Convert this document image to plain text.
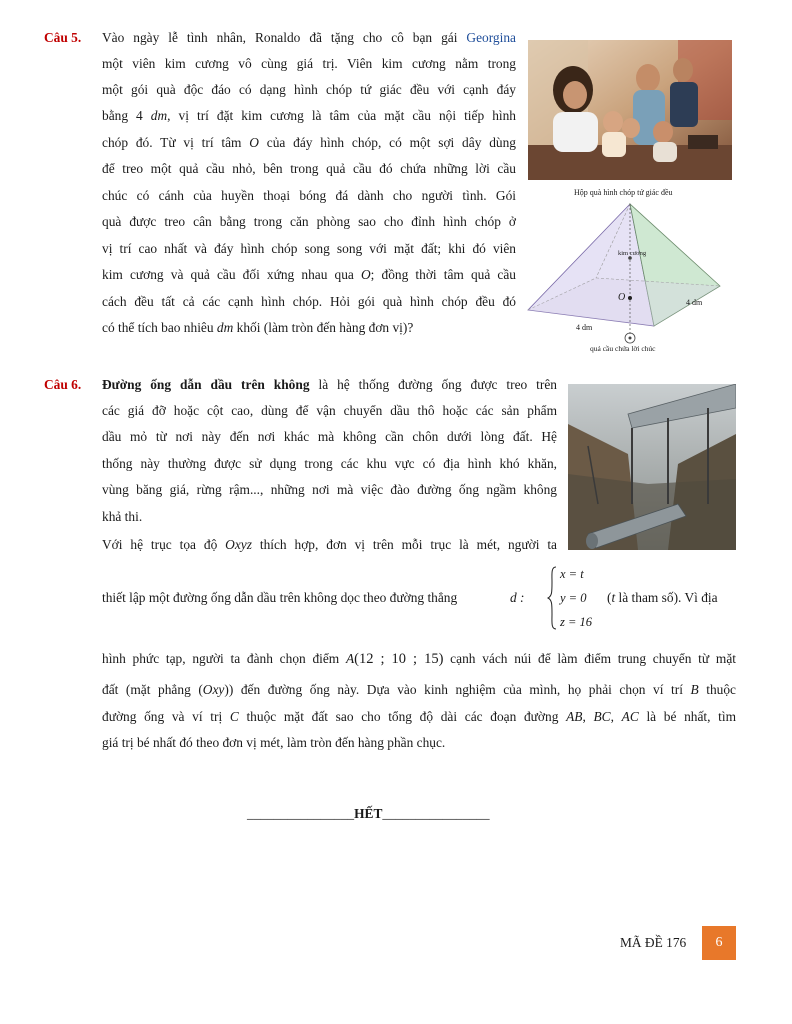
Câu 5. Vào ngày lễ tình nhân, Ronaldo đã tặng cho cô bạn gái Georgina
một viên kim cương vô cùng giá trị. Viên kim cương nằm trong
một gói quà độc đáo có dạng hình chóp tứ giác đều với cạnh đáy
bằng 4 dm, vị trí đặt kim cương là tâm của mặt cầu nội tiếp hình
chóp đó. Từ vị trí tâm O của đáy hình chóp, có một sợi dây dùng
để treo một quả cầu nhỏ, bên trong quả cầu đó chứa những lời cầu
chúc có cánh của huyền thoại bóng đá dành cho người tình. Gói
quà được treo cân bằng trong căn phòng sao cho đỉnh hình chóp ở
vị trí cao nhất và đáy hình chóp song song với mặt đất; khi đó viên
kim cương và quả cầu đối xứng nhau qua O; đồng thời tâm quả cầu
cách đều tất cả các cạnh hình chóp. Hỏi gói quà hình chóp đều đó
có thể tích bao nhiêu dm khối (làm tròn đến hàng đơn vị)?
Hộp quà hình chóp tứ giác đều
kim cương
O	4 dm
4 dm
quả cầu chứa lời chúc
Câu 6. Đường ống dẫn dầu trên không là hệ thống đường ống được treo trên
các giá đỡ hoặc cột cao, dùng để vận chuyển dầu thô hoặc các sản phẩm
dầu mỏ từ nơi này đến nơi khác mà không cần chôn dưới lòng đất. Hệ
thống này thường được sử dụng trong các khu vực có địa hình khó khăn,
vùng băng giá, rừng rậm..., những nơi mà việc đào đường ống ngầm không
khả thi.
Với hệ trục tọa độ Oxyz thích hợp, đơn vị trên mỗi trục là mét, người ta
thiết lập một đường ống dẫn dầu trên không dọc theo đường thẳng	d :
x = t
y = 0
z = 16
(t là tham số). Vì địa
hình phức tạp, người ta đành chọn điểm A(12 ; 10 ; 15) cạnh vách núi để làm điểm trung chuyển từ mặt
đất (mặt phẳng (Oxy)) đến đường ống này. Dựa vào kinh nghiệm của mình, họ phải chọn ví trí B thuộc
đường ống và ví trị C thuộc mặt đất sao cho tổng độ dài các đoạn đường AB, BC, AC là bé nhất, tìm
giá trị bé nhất đó theo đơn vị mét, làm tròn đến hàng phần chục.
________________HẾT________________
MÃ ĐỀ 176	6
